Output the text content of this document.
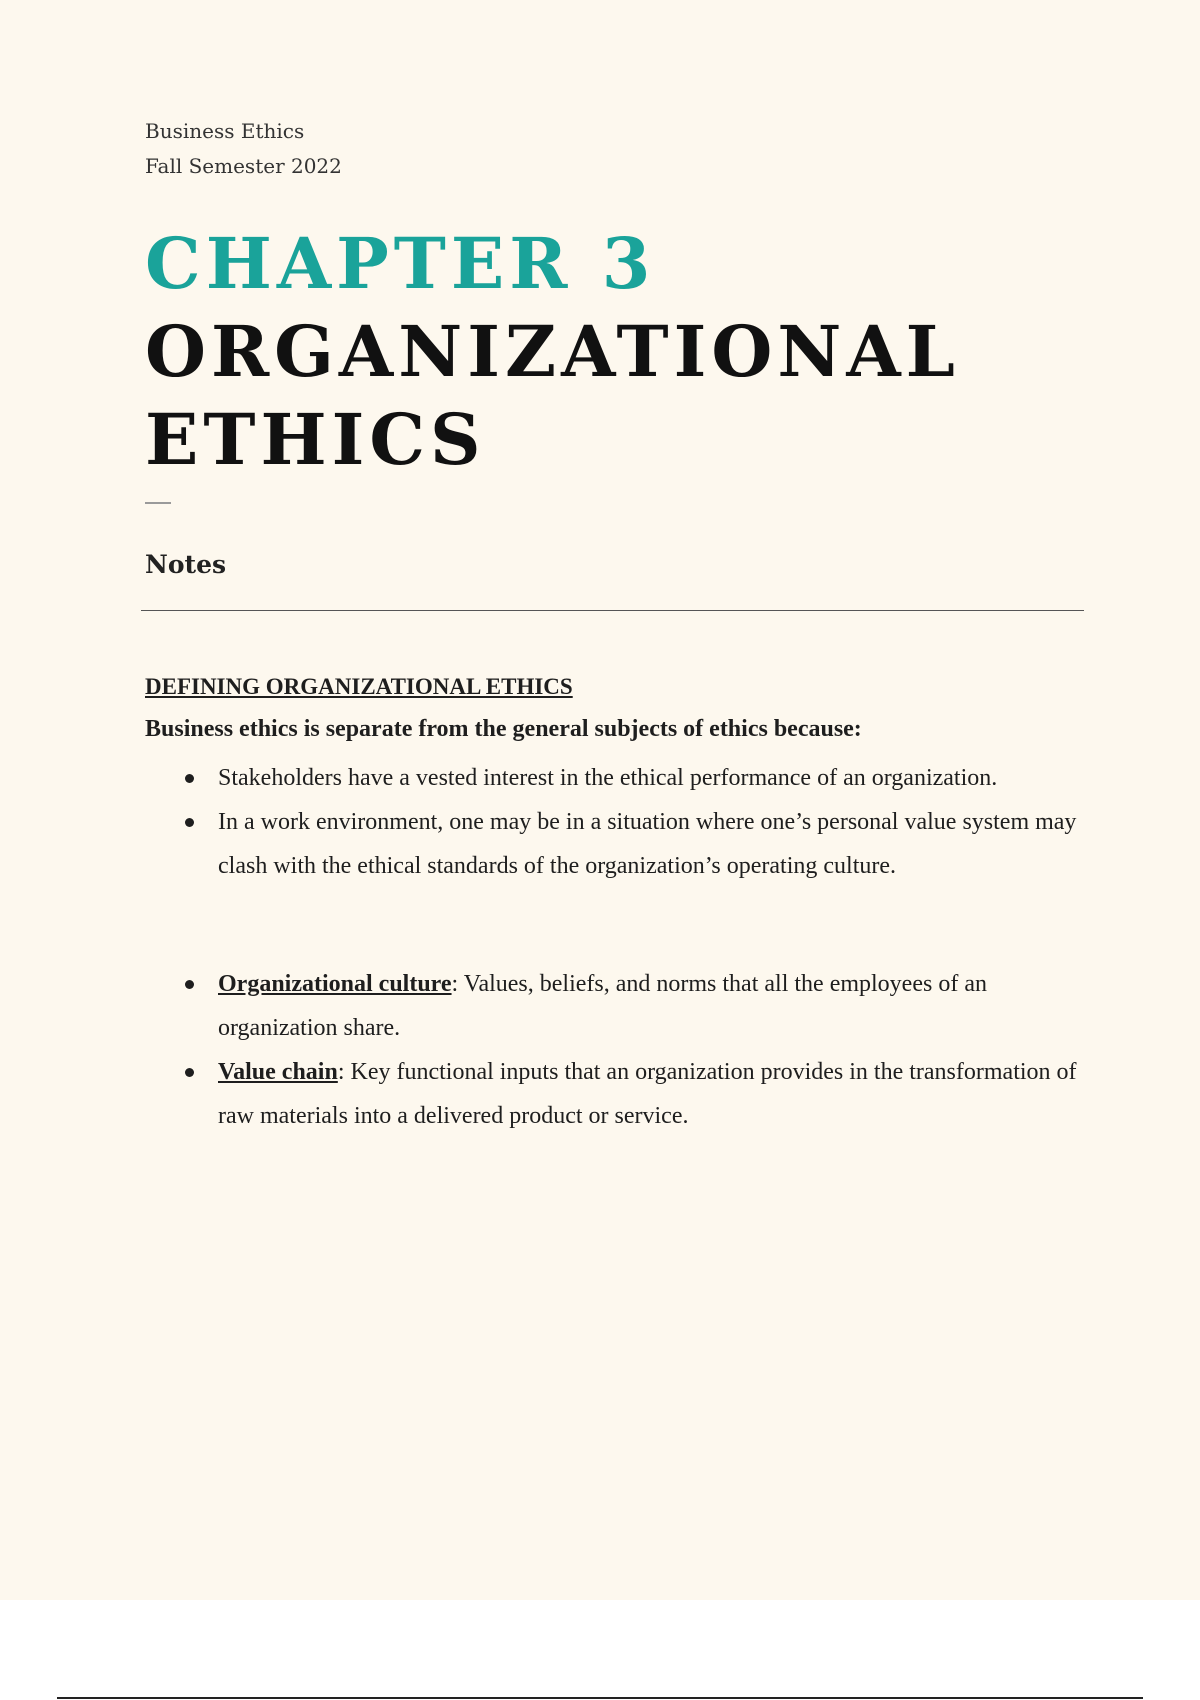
Business Ethics
Fall Semester 2022
CHAPTER 3
ORGANIZATIONAL
ETHICS
Notes

DEFINING ORGANIZATIONAL ETHICS

Business ethics is separate from the general subjects of ethics because:

Stakeholders have a vested interest in the ethical performance of an organization.
In a work environment, one may be in a situation where one’s personal value system may clash with the ethical standards of the organization’s operating culture.
Organizational culture: Values, beliefs, and norms that all the employees of an organization share.
Value chain: Key functional inputs that an organization provides in the transformation of raw materials into a delivered product or service.
